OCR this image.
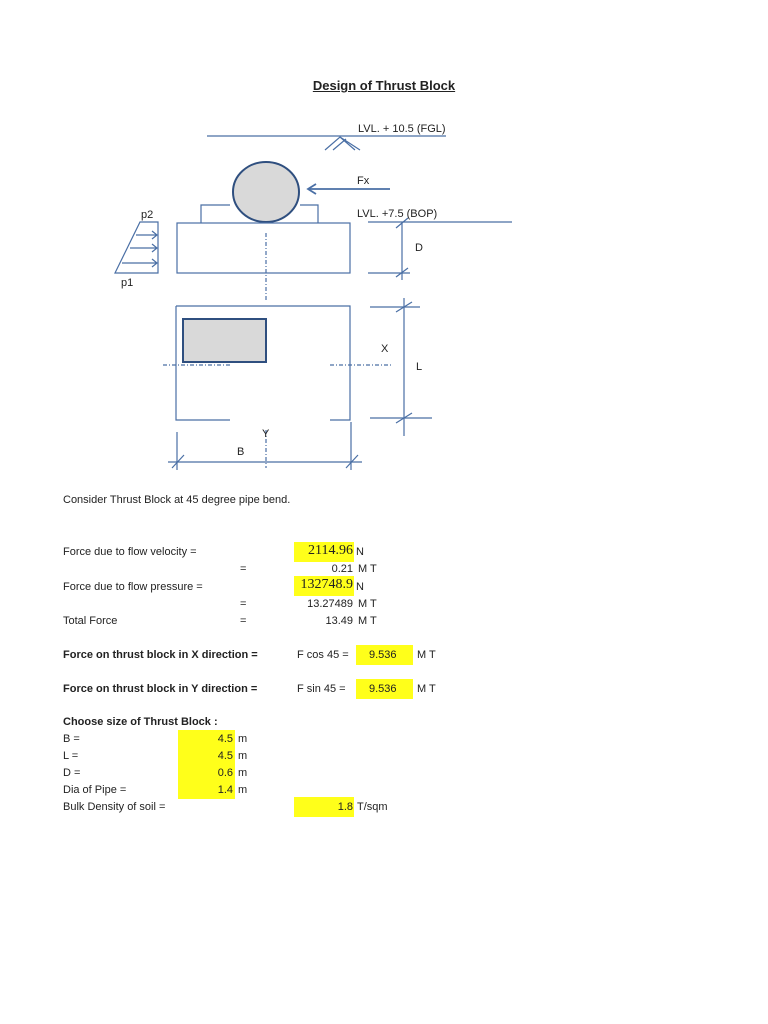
Design of Thrust Block
LVL. + 10.5 (FGL)
Fx
LVL. +7.5 (BOP)
p2
p1
D
X
L
Y
B
Consider Thrust Block at 45 degree pipe bend.
Force due to flow velocity =	2114.96 N
=	0.21 M T
Force due to flow pressure =	132748.9 N
=	13.27489 M T
Total Force	=	13.49 M T
Force on thrust block in X direction =	F cos 45 = 9.536 M T
Force on thrust block in Y direction =	F sin 45 = 9.536 M T
Choose size of Thrust Block :
B =	4.5 m
L =	4.5 m
D =	0.6 m
Dia of Pipe =	1.4 m
Bulk Density of soil =	1.8 T/sqm
